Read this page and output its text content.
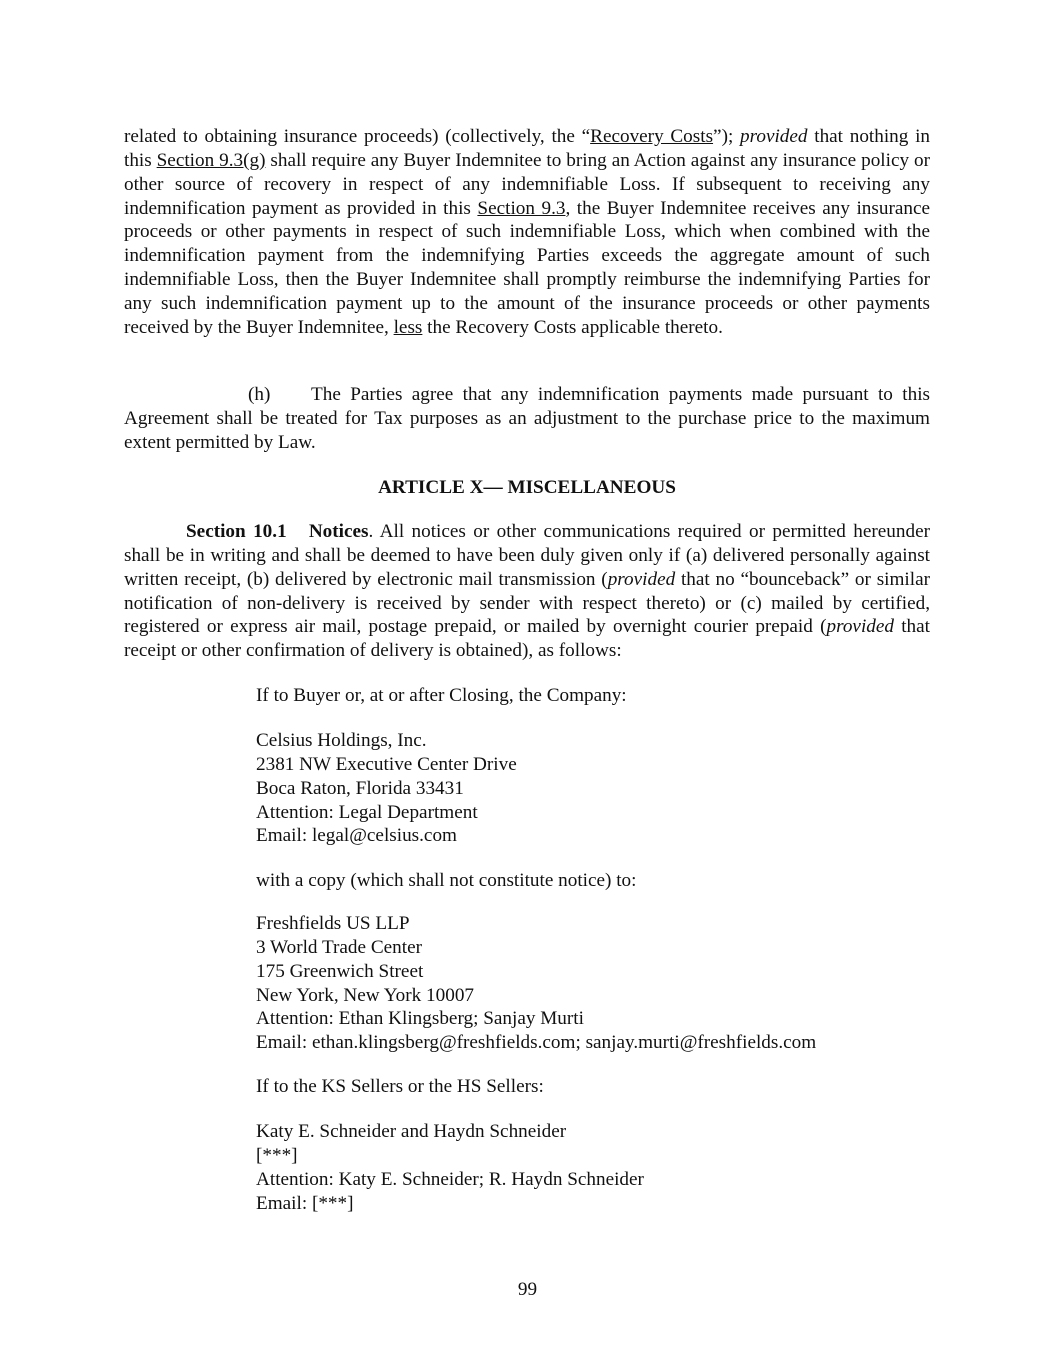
related to obtaining insurance proceeds) (collectively, the “Recovery Costs”); provided that nothing in this Section 9.3(g) shall require any Buyer Indemnitee to bring an Action against any insurance policy or other source of recovery in respect of any indemnifiable Loss. If subsequent to receiving any indemnification payment as provided in this Section 9.3, the Buyer Indemnitee receives any insurance proceeds or other payments in respect of such indemnifiable Loss, which when combined with the indemnification payment from the indemnifying Parties exceeds the aggregate amount of such indemnifiable Loss, then the Buyer Indemnitee shall promptly reimburse the indemnifying Parties for any such indemnification payment up to the amount of the insurance proceeds or other payments received by the Buyer Indemnitee, less the Recovery Costs applicable thereto.

(h) The Parties agree that any indemnification payments made pursuant to this Agreement shall be treated for Tax purposes as an adjustment to the purchase price to the maximum extent permitted by Law.

ARTICLE X— MISCELLANEOUS

Section 10.1   Notices. All notices or other communications required or permitted hereunder shall be in writing and shall be deemed to have been duly given only if (a) delivered personally against written receipt, (b) delivered by electronic mail transmission (provided that no “bounceback” or similar notification of non-delivery is received by sender with respect thereto) or (c) mailed by certified, registered or express air mail, postage prepaid, or mailed by overnight courier prepaid (provided that receipt or other confirmation of delivery is obtained), as follows:

If to Buyer or, at or after Closing, the Company:

Celsius Holdings, Inc.
2381 NW Executive Center Drive
Boca Raton, Florida 33431
Attention: Legal Department
Email: legal@celsius.com

with a copy (which shall not constitute notice) to:

Freshfields US LLP
3 World Trade Center
175 Greenwich Street
New York, New York 10007
Attention: Ethan Klingsberg; Sanjay Murti
Email: ethan.klingsberg@freshfields.com; sanjay.murti@freshfields.com

If to the KS Sellers or the HS Sellers:

Katy E. Schneider and Haydn Schneider
[***]
Attention: Katy E. Schneider; R. Haydn Schneider
Email: [***]

99
